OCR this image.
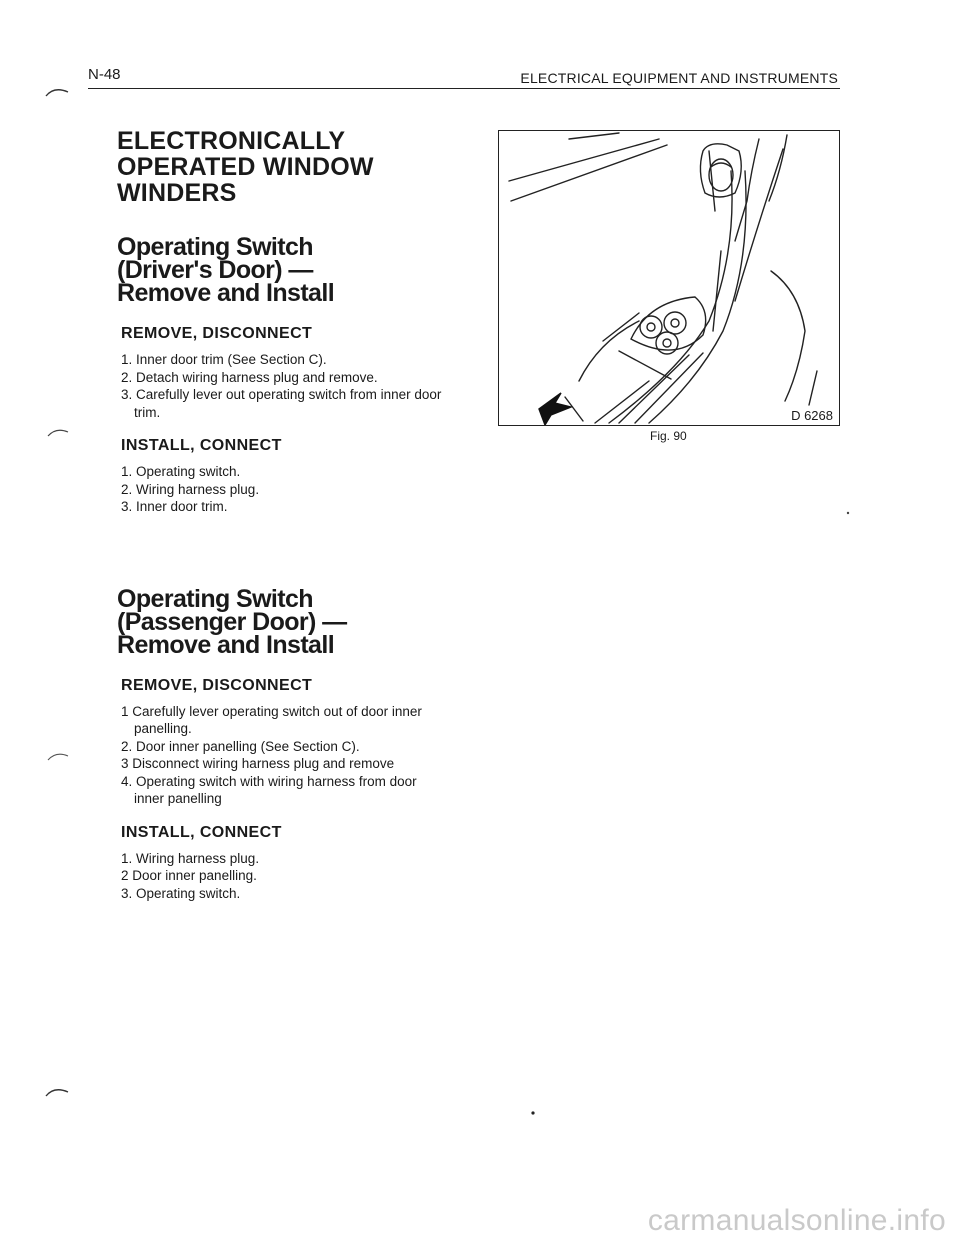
N-48	ELECTRICAL EQUIPMENT AND INSTRUMENTS
ELECTRONICALLY
OPERATED WINDOW
WINDERS
Operating Switch
(Driver's Door) —
Remove and Install
REMOVE, DISCONNECT
1. Inner door trim (See Section C).
2. Detach wiring harness plug and remove.
3. Carefully lever out operating switch from inner door trim.
INSTALL, CONNECT
1. Operating switch.
2. Wiring harness plug.
3. Inner door trim.
Operating Switch
(Passenger Door) —
Remove and Install
REMOVE, DISCONNECT
1 Carefully lever operating switch out of door inner panelling.
2. Door inner panelling (See Section C).
3 Disconnect wiring harness plug and remove
4. Operating switch with wiring harness from door inner panelling
INSTALL, CONNECT
1. Wiring harness plug.
2 Door inner panelling.
3. Operating switch.
D 6268
Fig. 90
carmanualsonline.info
